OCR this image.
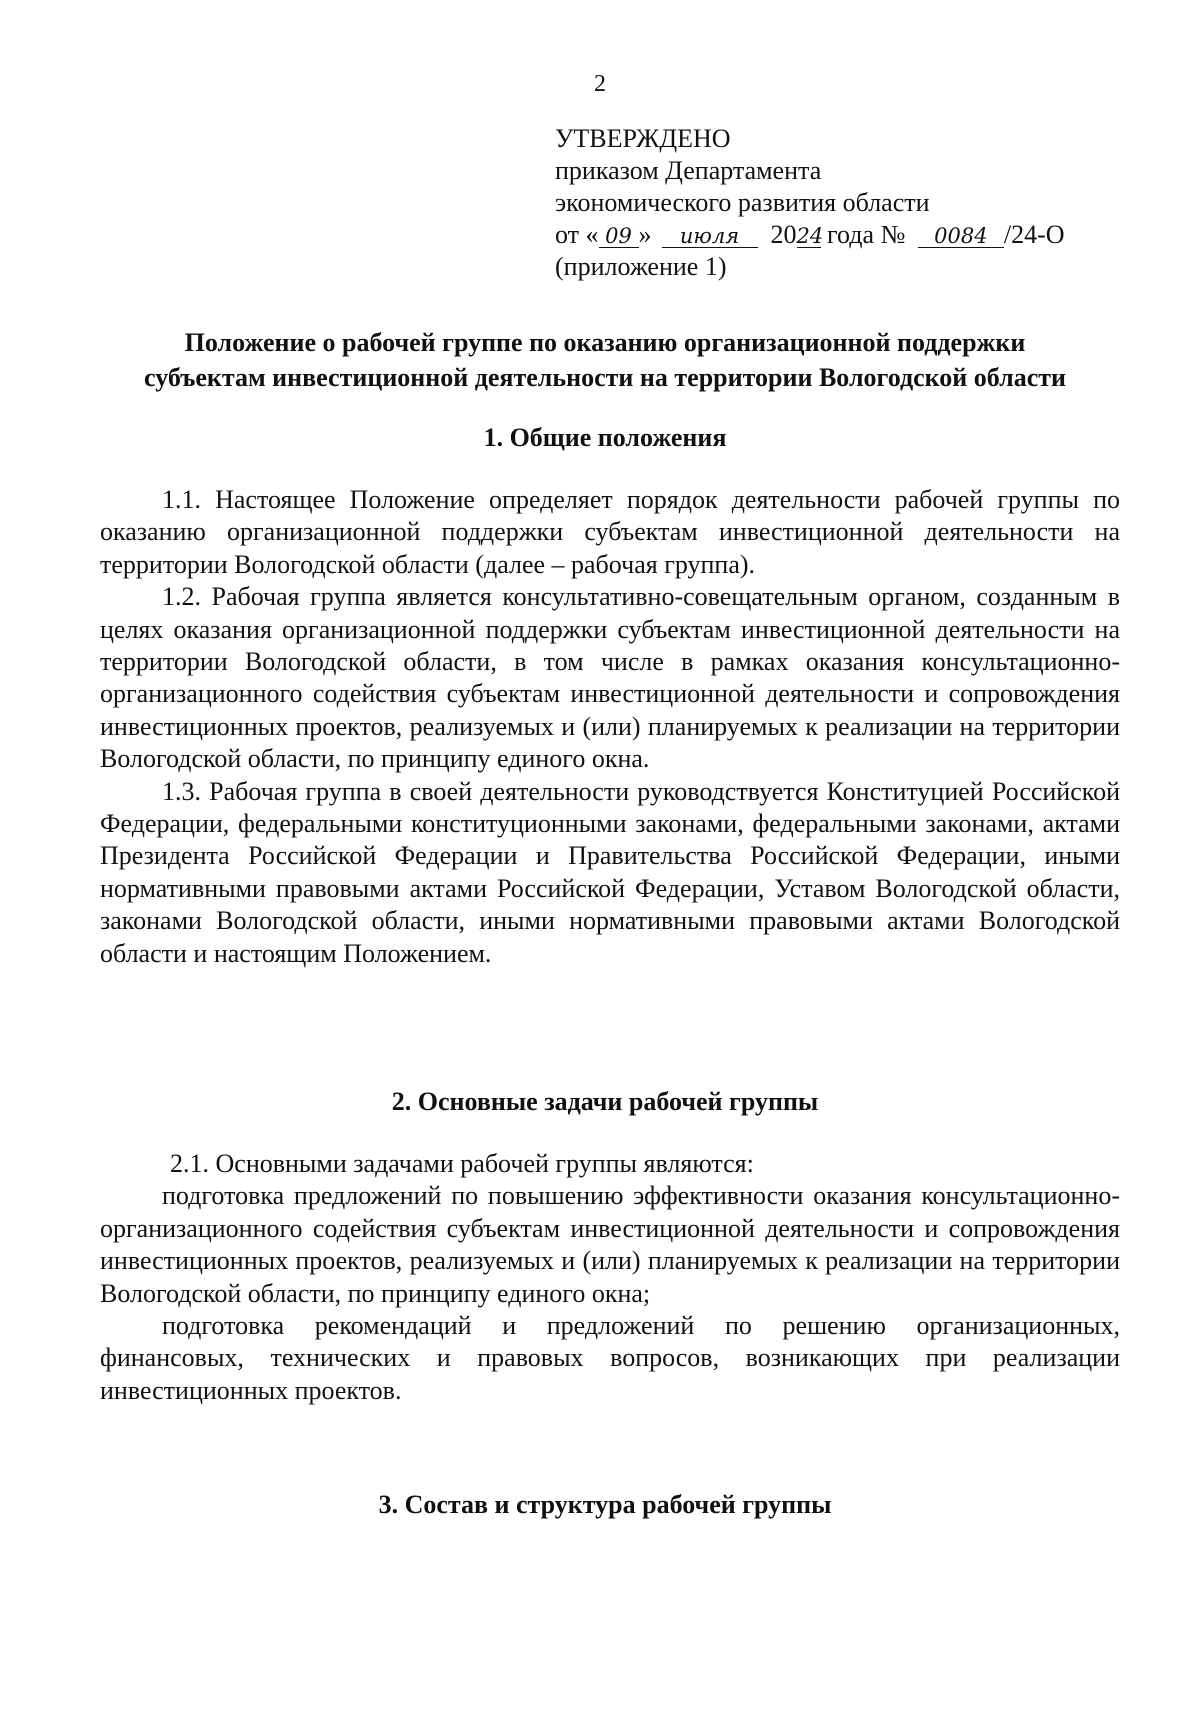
2
УТВЕРЖДЕНО
приказом Департамента
экономического развития области
от « 09 » июля 2024 года № 0084 /24-О
(приложение 1)
Положение о рабочей группе по оказанию организационной поддержки
субъектам инвестиционной деятельности на территории Вологодской области
1. Общие положения

1.1. Настоящее Положение определяет порядок деятельности рабочей группы по оказанию организационной поддержки субъектам инвестиционной деятельности на территории Вологодской области (далее – рабочая группа).

1.2. Рабочая группа является консультативно-совещательным органом, созданным в целях оказания организационной поддержки субъектам инвестиционной деятельности на территории Вологодской области, в том числе в рамках оказания консультационно-организационного содействия субъектам инвестиционной деятельности и сопровождения инвестиционных проектов, реализуемых и (или) планируемых к реализации на территории Вологодской области, по принципу единого окна.

1.3. Рабочая группа в своей деятельности руководствуется Конституцией Российской Федерации, федеральными конституционными законами, федеральными законами, актами Президента Российской Федерации и Правительства Российской Федерации, иными нормативными правовыми актами Российской Федерации, Уставом Вологодской области, законами Вологодской области, иными нормативными правовыми актами Вологодской области и настоящим Положением.

2. Основные задачи рабочей группы

2.1. Основными задачами рабочей группы являются:

подготовка предложений по повышению эффективности оказания консультационно-организационного содействия субъектам инвестиционной деятельности и сопровождения инвестиционных проектов, реализуемых и (или) планируемых к реализации на территории Вологодской области, по принципу единого окна;

подготовка рекомендаций и предложений по решению организационных, финансовых, технических и правовых вопросов, возникающих при реализации инвестиционных проектов.

3. Состав и структура рабочей группы
